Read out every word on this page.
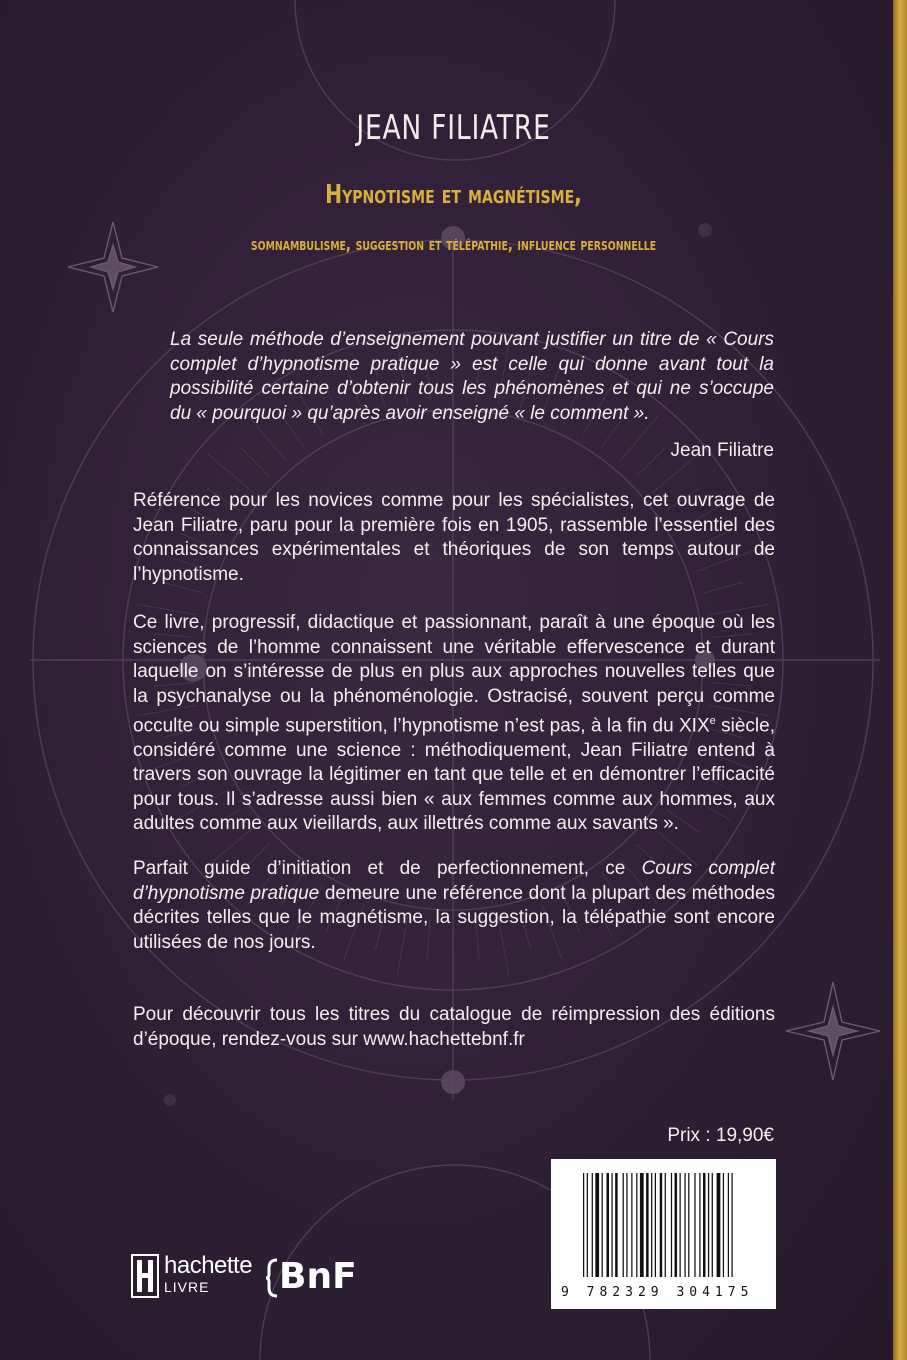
JEAN FILIATRE
Hypnotisme et magnétisme,
somnambulisme, suggestion et télépathie, influence personnelle
La seule méthode d’enseignement pouvant justifier un titre de « Cours complet d’hypnotisme pratique » est celle qui donne avant tout la possibilité certaine d’obtenir tous les phénomènes et qui ne s’occupe du « pourquoi » qu’après avoir enseigné « le comment ».
Jean Filiatre

Référence pour les novices comme pour les spécialistes, cet ouvrage de Jean Filiatre, paru pour la première fois en 1905, rassemble l’essentiel des connaissances expérimentales et théoriques de son temps autour de l’hypnotisme.

Ce livre, progressif, didactique et passionnant, paraît à une époque où les sciences de l’homme connaissent une véritable effervescence et durant laquelle on s’intéresse de plus en plus aux approches nouvelles telles que la psychanalyse ou la phénoménologie. Ostracisé, souvent perçu comme occulte ou simple superstition, l’hypnotisme n’est pas, à la fin du XIXe siècle, considéré comme une science : méthodiquement, Jean Filiatre entend à travers son ouvrage la légitimer en tant que telle et en démontrer l’efficacité pour tous. Il s’adresse aussi bien « aux femmes comme aux hommes, aux adultes comme aux vieillards, aux illettrés comme aux savants ».

Parfait guide d’initiation et de perfectionnement, ce Cours complet d’hypnotisme pratique demeure une référence dont la plupart des méthodes décrites telles que le magnétisme, la suggestion, la télépathie sont encore utilisées de nos jours.

Pour découvrir tous les titres du catalogue de réimpression des éditions d’époque, rendez-vous sur www.hachettebnf.fr

Prix : 19,90€
9 782329 304175
hachette
LIVRE BnF
